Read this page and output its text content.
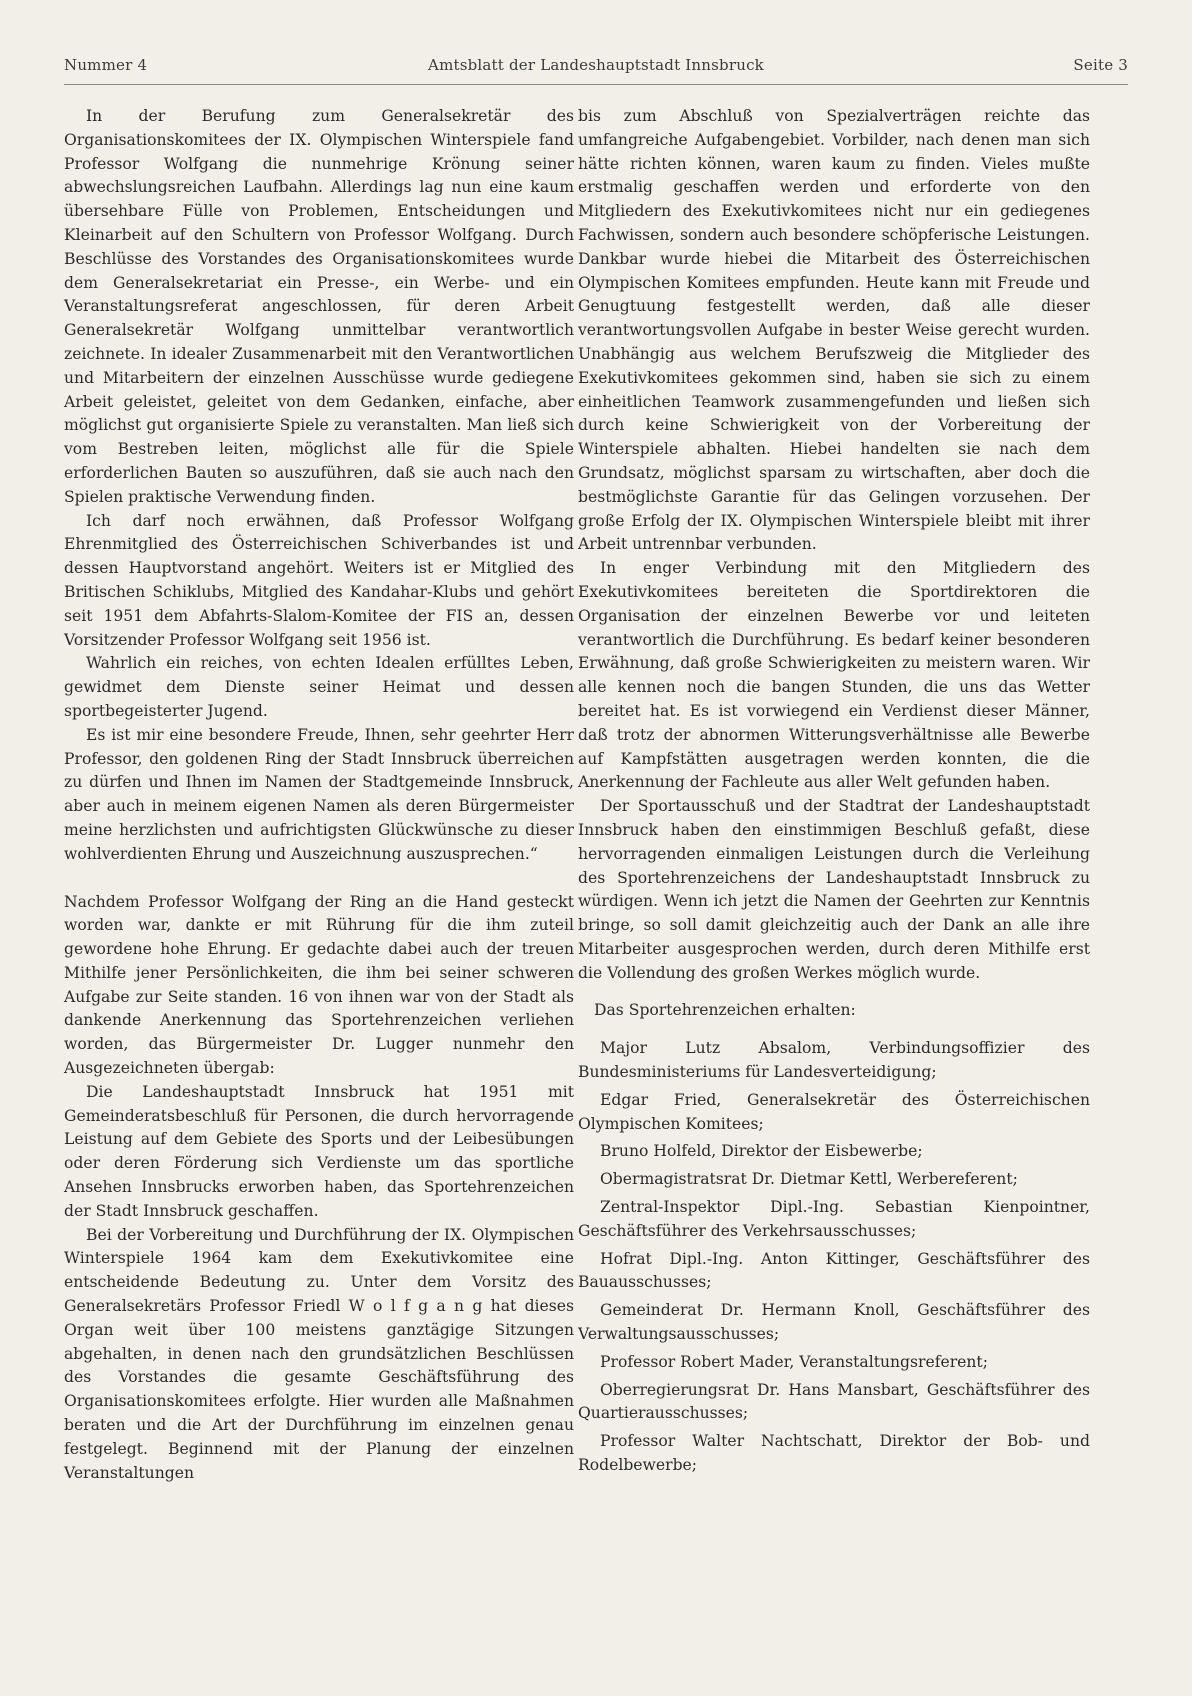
Nummer 4	Amtsblatt der Landeshauptstadt Innsbruck	Seite 3

In der Berufung zum Generalsekretär des Organisationskomitees der IX. Olympischen Winterspiele fand Professor Wolfgang die nunmehrige Krönung seiner abwechslungsreichen Laufbahn. Allerdings lag nun eine kaum übersehbare Fülle von Problemen, Entscheidungen und Kleinarbeit auf den Schultern von Professor Wolfgang. Durch Beschlüsse des Vorstandes des Organisationskomitees wurde dem Generalsekretariat ein Presse-, ein Werbe- und ein Veranstaltungsreferat angeschlossen, für deren Arbeit Generalsekretär Wolfgang unmittelbar verantwortlich zeichnete. In idealer Zusammenarbeit mit den Verantwortlichen und Mitarbeitern der einzelnen Ausschüsse wurde gediegene Arbeit geleistet, geleitet von dem Gedanken, einfache, aber möglichst gut organisierte Spiele zu veranstalten. Man ließ sich vom Bestreben leiten, möglichst alle für die Spiele erforderlichen Bauten so auszuführen, daß sie auch nach den Spielen praktische Verwendung finden.

Ich darf noch erwähnen, daß Professor Wolfgang Ehrenmitglied des Österreichischen Schiverbandes ist und dessen Hauptvorstand angehört. Weiters ist er Mitglied des Britischen Schiklubs, Mitglied des Kandahar-Klubs und gehört seit 1951 dem Abfahrts-Slalom-Komitee der FIS an, dessen Vorsitzender Professor Wolfgang seit 1956 ist.

Wahrlich ein reiches, von echten Idealen erfülltes Leben, gewidmet dem Dienste seiner Heimat und dessen sportbegeisterter Jugend.

Es ist mir eine besondere Freude, Ihnen, sehr geehrter Herr Professor, den goldenen Ring der Stadt Innsbruck überreichen zu dürfen und Ihnen im Namen der Stadtgemeinde Innsbruck, aber auch in meinem eigenen Namen als deren Bürgermeister meine herzlichsten und aufrichtigsten Glückwünsche zu dieser wohlverdienten Ehrung und Auszeichnung auszusprechen.“

Nachdem Professor Wolfgang der Ring an die Hand gesteckt worden war, dankte er mit Rührung für die ihm zuteil gewordene hohe Ehrung. Er gedachte dabei auch der treuen Mithilfe jener Persönlichkeiten, die ihm bei seiner schweren Aufgabe zur Seite standen. 16 von ihnen war von der Stadt als dankende Anerkennung das Sportehrenzeichen verliehen worden, das Bürgermeister Dr. Lugger nunmehr den Ausgezeichneten übergab:

Die Landeshauptstadt Innsbruck hat 1951 mit Gemeinderatsbeschluß für Personen, die durch hervorragende Leistung auf dem Gebiete des Sports und der Leibesübungen oder deren Förderung sich Verdienste um das sportliche Ansehen Innsbrucks erworben haben, das Sportehrenzeichen der Stadt Innsbruck geschaffen.

Bei der Vorbereitung und Durchführung der IX. Olympischen Winterspiele 1964 kam dem Exekutivkomitee eine entscheidende Bedeutung zu. Unter dem Vorsitz des Generalsekretärs Professor Friedl W o l f g a n g hat dieses Organ weit über 100 meistens ganztägige Sitzungen abgehalten, in denen nach den grundsätzlichen Beschlüssen des Vorstandes die gesamte Geschäftsführung des Organisationskomitees erfolgte. Hier wurden alle Maßnahmen beraten und die Art der Durchführung im einzelnen genau festgelegt. Beginnend mit der Planung der einzelnen Veranstaltungen

bis zum Abschluß von Spezialverträgen reichte das umfangreiche Aufgabengebiet. Vorbilder, nach denen man sich hätte richten können, waren kaum zu finden. Vieles mußte erstmalig geschaffen werden und erforderte von den Mitgliedern des Exekutivkomitees nicht nur ein gediegenes Fachwissen, sondern auch besondere schöpferische Leistungen. Dankbar wurde hiebei die Mitarbeit des Österreichischen Olympischen Komitees empfunden. Heute kann mit Freude und Genugtuung festgestellt werden, daß alle dieser verantwortungsvollen Aufgabe in bester Weise gerecht wurden. Unabhängig aus welchem Berufszweig die Mitglieder des Exekutivkomitees gekommen sind, haben sie sich zu einem einheitlichen Teamwork zusammengefunden und ließen sich durch keine Schwierigkeit von der Vorbereitung der Winterspiele abhalten. Hiebei handelten sie nach dem Grundsatz, möglichst sparsam zu wirtschaften, aber doch die bestmöglichste Garantie für das Gelingen vorzusehen. Der große Erfolg der IX. Olympischen Winterspiele bleibt mit ihrer Arbeit untrennbar verbunden.

In enger Verbindung mit den Mitgliedern des Exekutivkomitees bereiteten die Sportdirektoren die Organisation der einzelnen Bewerbe vor und leiteten verantwortlich die Durchführung. Es bedarf keiner besonderen Erwähnung, daß große Schwierigkeiten zu meistern waren. Wir alle kennen noch die bangen Stunden, die uns das Wetter bereitet hat. Es ist vorwiegend ein Verdienst dieser Männer, daß trotz der abnormen Witterungsverhältnisse alle Bewerbe auf Kampfstätten ausgetragen werden konnten, die die Anerkennung der Fachleute aus aller Welt gefunden haben.

Der Sportausschuß und der Stadtrat der Landeshauptstadt Innsbruck haben den einstimmigen Beschluß gefaßt, diese hervorragenden einmaligen Leistungen durch die Verleihung des Sportehrenzeichens der Landeshauptstadt Innsbruck zu würdigen. Wenn ich jetzt die Namen der Geehrten zur Kenntnis bringe, so soll damit gleichzeitig auch der Dank an alle ihre Mitarbeiter ausgesprochen werden, durch deren Mithilfe erst die Vollendung des großen Werkes möglich wurde.

Das Sportehrenzeichen erhalten:

Major Lutz Absalom, Verbindungsoffizier des Bundesministeriums für Landesverteidigung;

Edgar Fried, Generalsekretär des Österreichischen Olympischen Komitees;

Bruno Holfeld, Direktor der Eisbewerbe;

Obermagistratsrat Dr. Dietmar Kettl, Werbereferent;

Zentral-Inspektor Dipl.-Ing. Sebastian Kienpointner, Geschäftsführer des Verkehrsausschusses;

Hofrat Dipl.-Ing. Anton Kittinger, Geschäftsführer des Bauausschusses;

Gemeinderat Dr. Hermann Knoll, Geschäftsführer des Verwaltungsausschusses;

Professor Robert Mader, Veranstaltungsreferent;

Oberregierungsrat Dr. Hans Mansbart, Geschäftsführer des Quartierausschusses;

Professor Walter Nachtschatt, Direktor der Bob- und Rodelbewerbe;
